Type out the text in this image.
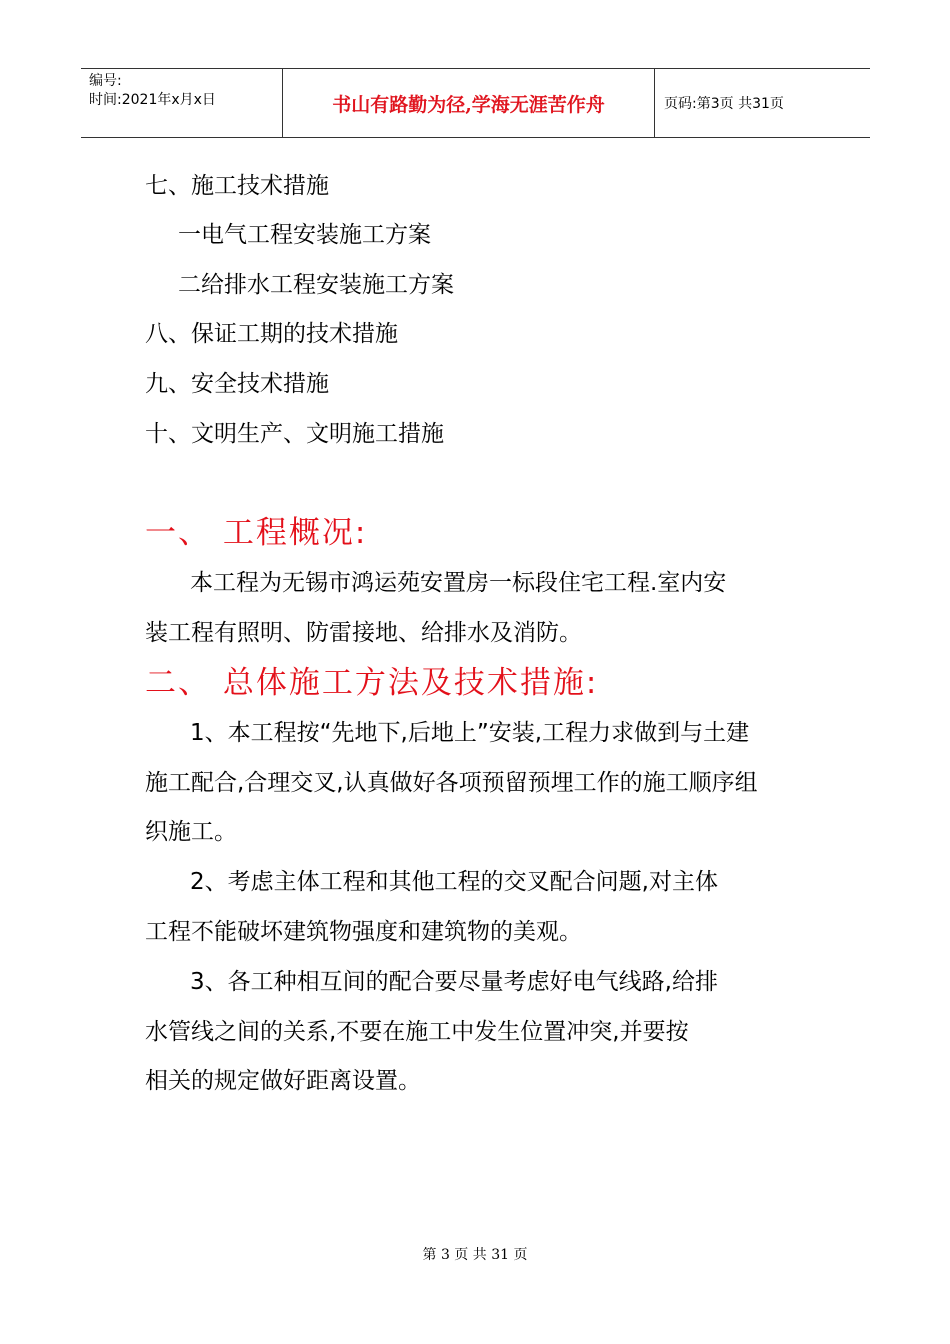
编号:
时间:2021年x月x日	书山有路勤为径,学海无涯苦作舟	页码:第3页 共31页
七、施工技术措施
一电气工程安装施工方案
二给排水工程安装施工方案
八、保证工期的技术措施
九、安全技术措施
十、文明生产、文明施工措施
一、 工程概况:
本工程为无锡市鸿运苑安置房一标段住宅工程.室内安
装工程有照明、防雷接地、给排水及消防。
二、 总体施工方法及技术措施:
1、本工程按“先地下,后地上”安装,工程力求做到与土建
施工配合,合理交叉,认真做好各项预留预埋工作的施工顺序组
织施工。
2、考虑主体工程和其他工程的交叉配合问题,对主体
工程不能破坏建筑物强度和建筑物的美观。
3、各工种相互间的配合要尽量考虑好电气线路,给排
水管线之间的关系,不要在施工中发生位置冲突,并要按
相关的规定做好距离设置。
第 3 页 共 31 页
